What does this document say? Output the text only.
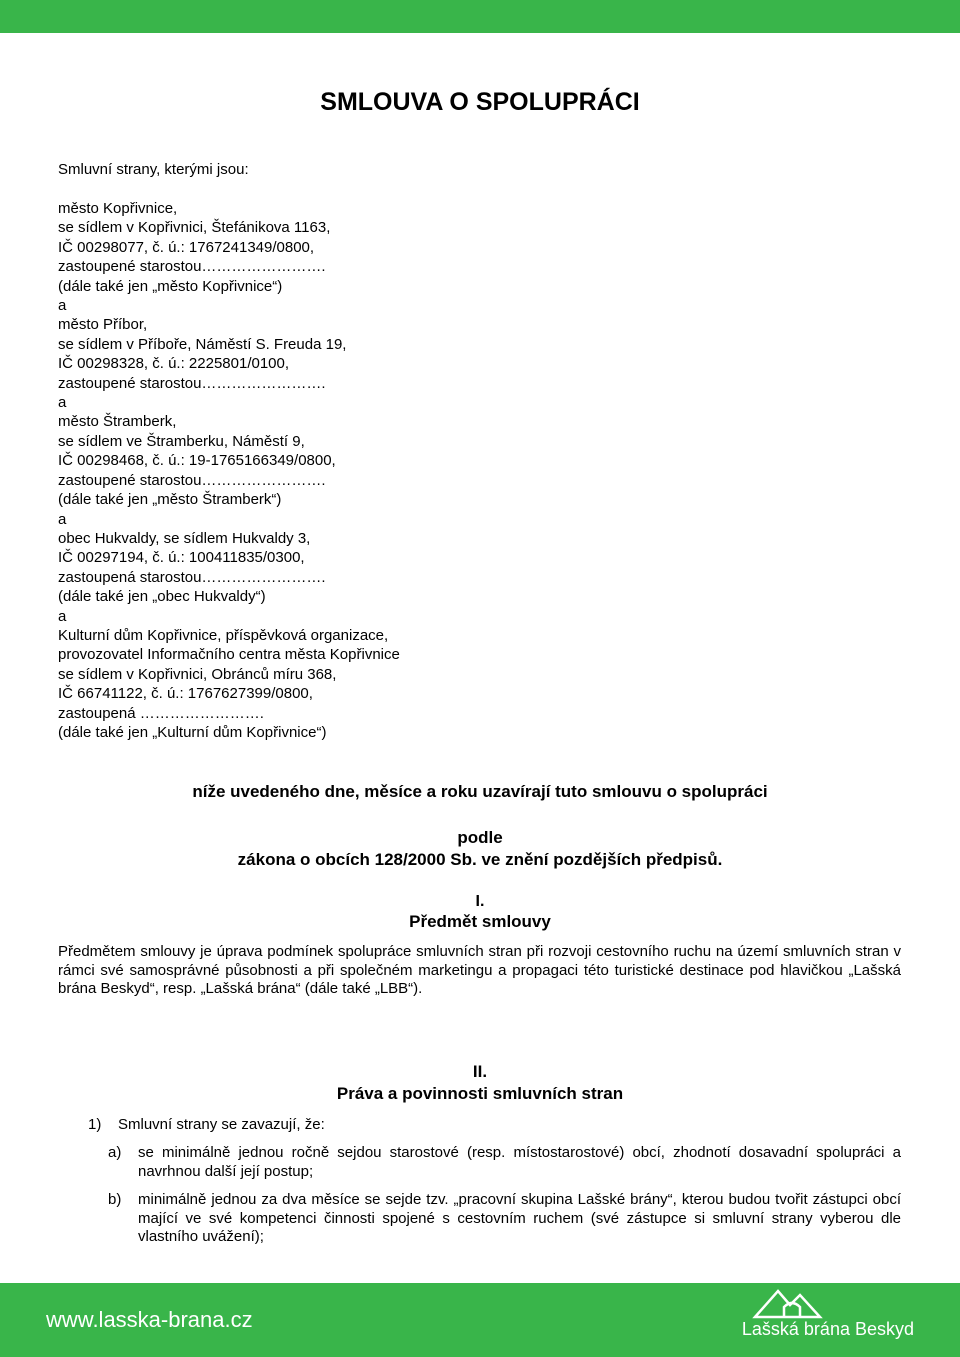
SMLOUVA O SPOLUPRÁCI
Smluvní strany, kterými jsou:
město Kopřivnice,
se sídlem v Kopřivnici, Štefánikova 1163,
IČ 00298077, č. ú.: 1767241349/0800,
zastoupené starostou…………………….
(dále také jen „město Kopřivnice“)
a
město Příbor,
se sídlem v Příboře, Náměstí S. Freuda 19,
IČ 00298328, č. ú.: 2225801/0100,
zastoupené starostou…………………….
a
město Štramberk,
se sídlem ve Štramberku, Náměstí 9,
IČ 00298468, č. ú.: 19-1765166349/0800,
zastoupené starostou…………………….
(dále také jen „město Štramberk“)
a
obec Hukvaldy, se sídlem Hukvaldy 3,
IČ 00297194, č. ú.: 100411835/0300,
zastoupená starostou…………………….
(dále také jen „obec Hukvaldy“)
a
Kulturní dům Kopřivnice, příspěvková organizace,
provozovatel Informačního centra města Kopřivnice
se sídlem v Kopřivnici, Obránců míru 368,
IČ 66741122, č. ú.: 1767627399/0800,
zastoupená …………………….
(dále také jen „Kulturní dům Kopřivnice“)
níže uvedeného dne, měsíce a roku uzavírají tuto smlouvu o spolupráci
podle
zákona o obcích 128/2000 Sb. ve znění pozdějších předpisů.
I.
Předmět smlouvy
Předmětem smlouvy je úprava podmínek spolupráce smluvních stran při rozvoji cestovního ruchu na území smluvních stran v rámci své samosprávné působnosti a při společném marketingu a propagaci této turistické destinace pod hlavičkou „Lašská brána Beskyd“, resp. „Lašská brána“ (dále také „LBB“).
II.
Práva a povinnosti smluvních stran
1) Smluvní strany se zavazují, že:
a) se minimálně jednou ročně sejdou starostové (resp. místostarostové) obcí, zhodnotí dosavadní spolupráci a navrhnou další její postup;
b) minimálně jednou za dva měsíce se sejde tzv. „pracovní skupina Lašské brány“, kterou budou tvořit zástupci obcí mající ve své kompetenci činnosti spojené s cestovním ruchem (své zástupce si smluvní strany vyberou dle vlastního uvážení);
www.lasska-brana.cz	Lašská brána Beskyd
